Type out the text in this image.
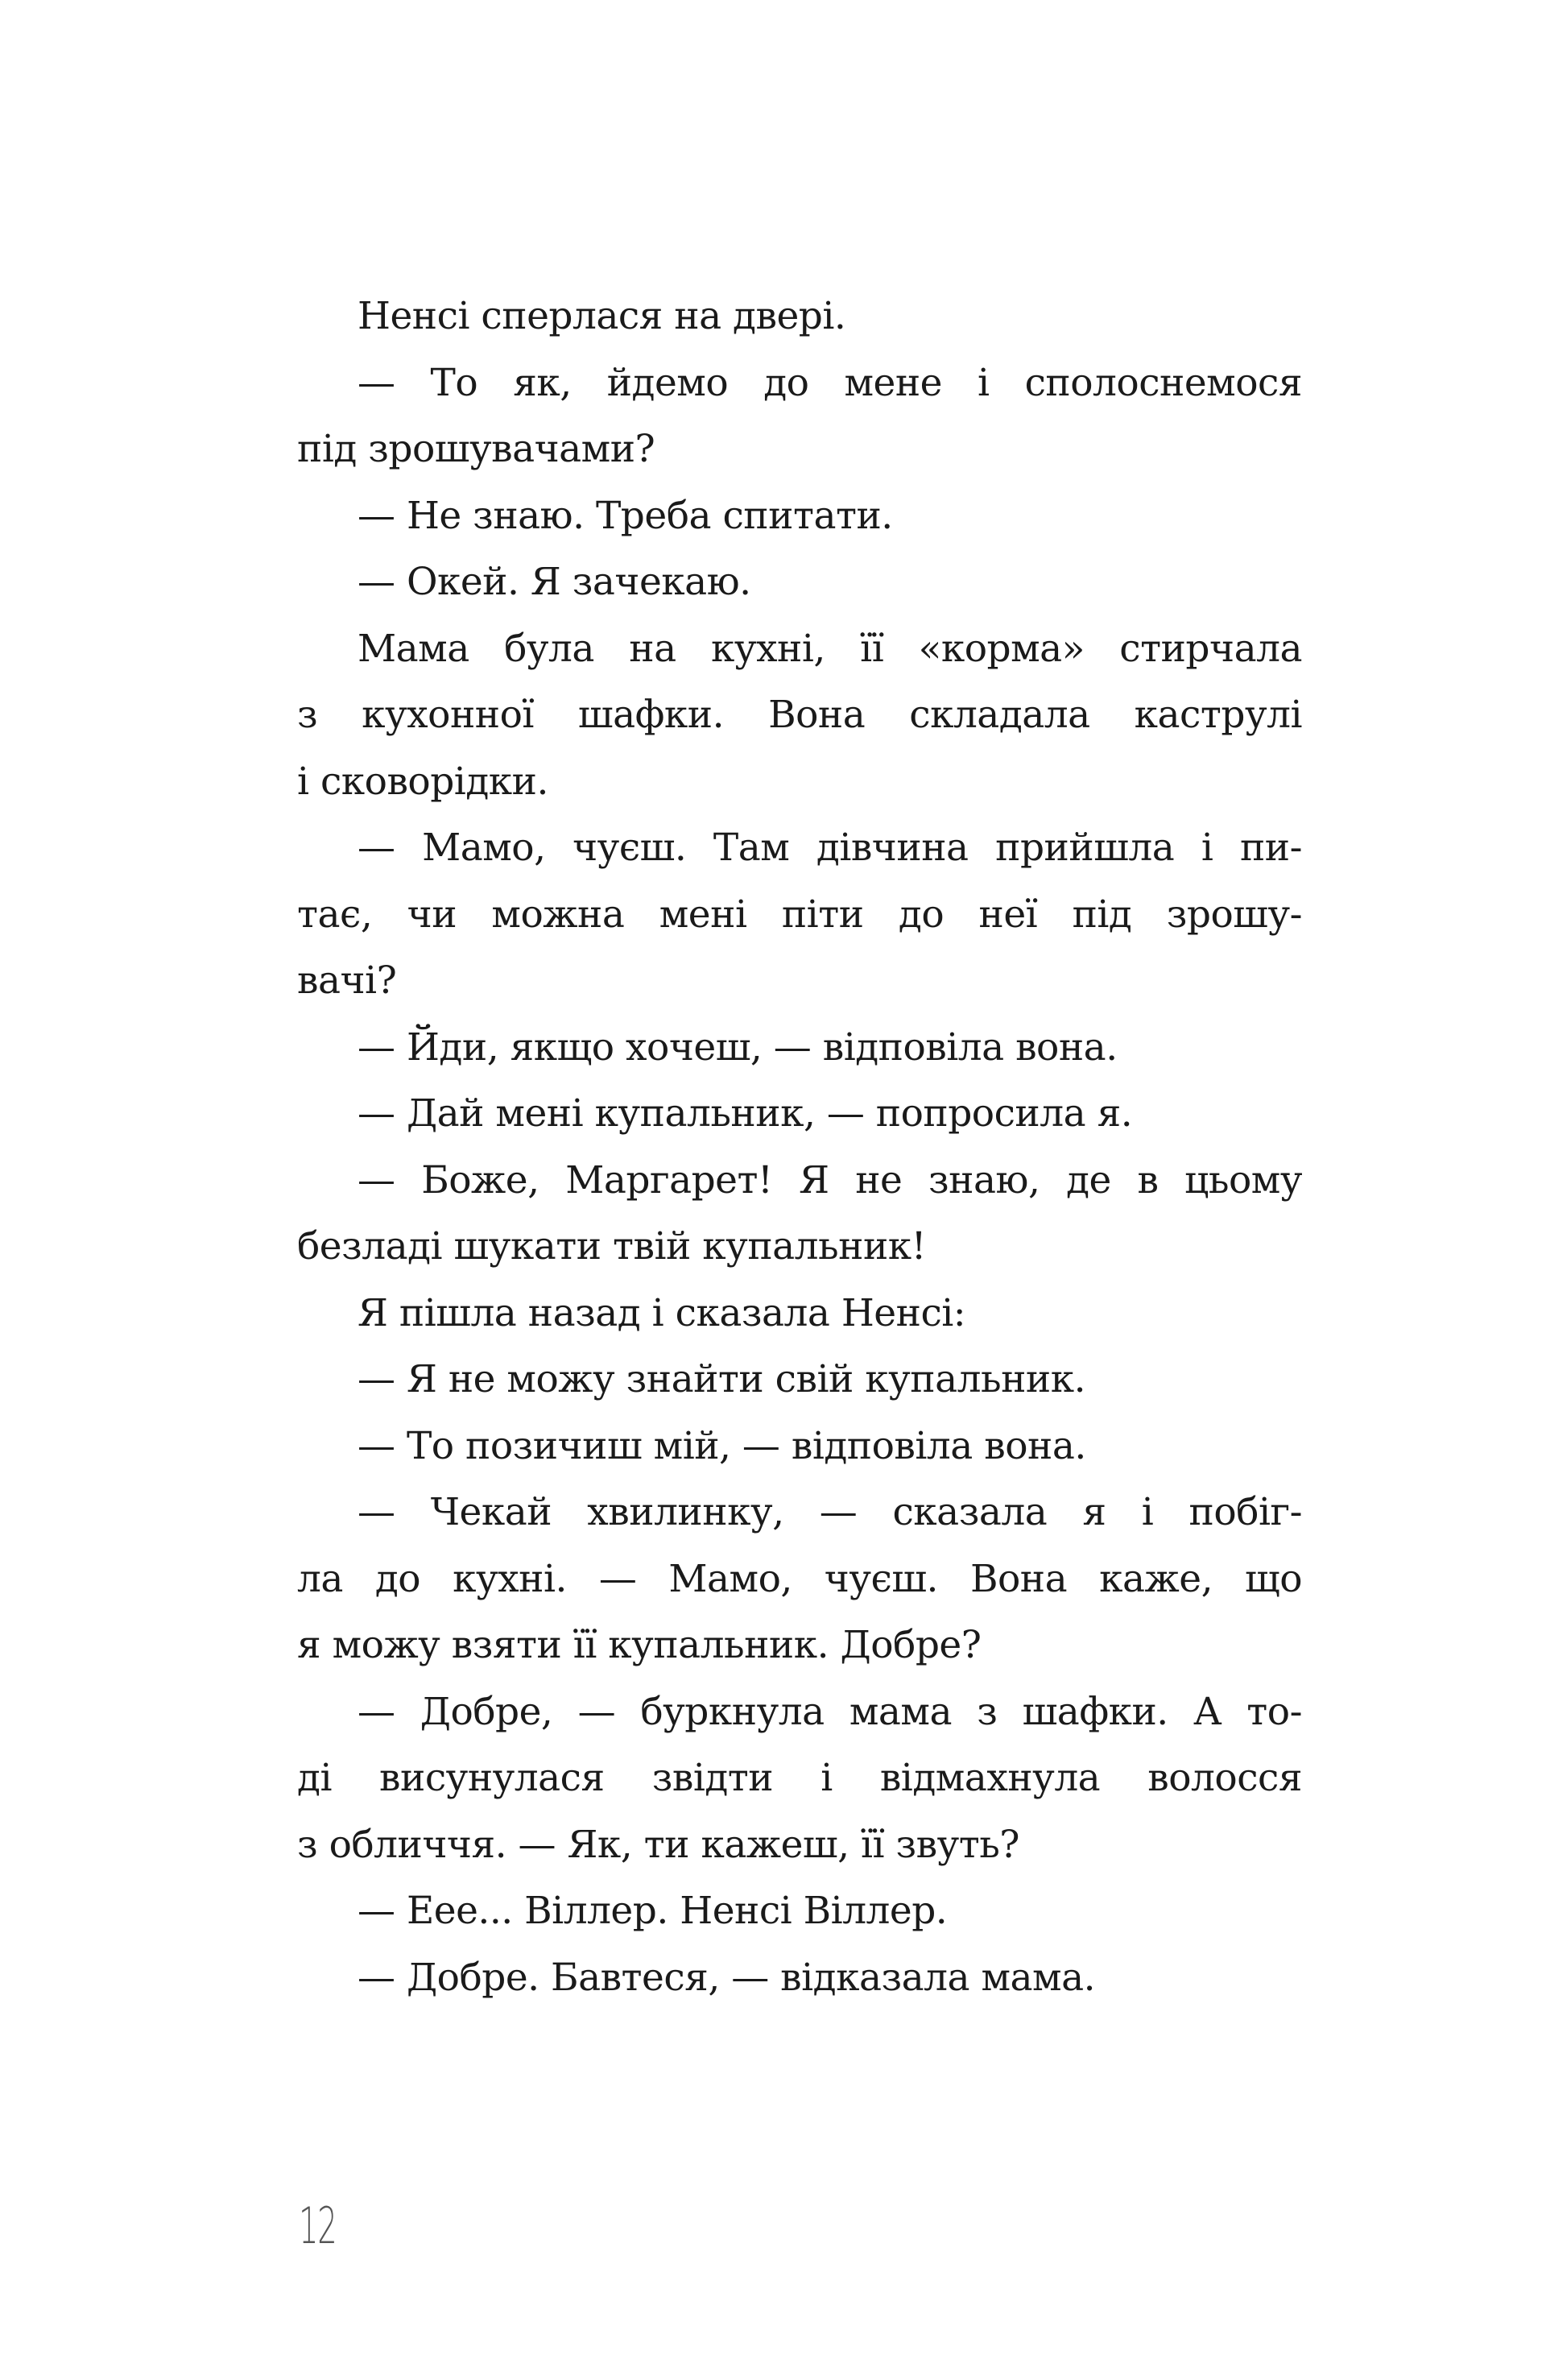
Ненсі сперлася на двері.
— То як, йдемо до мене і сполоснемося
під зрошувачами?
— Не знаю. Треба спитати.
— Окей. Я зачекаю.
Мама була на кухні, її «корма» стирчала
з кухонної шафки. Вона складала каструлі
і сковорідки.
— Мамо, чуєш. Там дівчина прийшла і пи-
тає, чи можна мені піти до неї під зрошу-
вачі?
— Йди, якщо хочеш, — відповіла вона.
— Дай мені купальник, — попросила я.
— Боже, Маргарет! Я не знаю, де в цьому
безладі шукати твій купальник!
Я пішла назад і сказала Ненсі:
— Я не можу знайти свій купальник.
— То позичиш мій, — відповіла вона.
— Чекай хвилинку, — сказала я і побіг-
ла до кухні. — Мамо, чуєш. Вона каже, що
я можу взяти її купальник. Добре?
— Добре, — буркнула мама з шафки. А то-
ді висунулася звідти і відмахнула волосся
з обличчя. — Як, ти кажеш, її звуть?
— Еее... Віллер. Ненсі Віллер.
— Добре. Бавтеся, — відказала мама.
12
